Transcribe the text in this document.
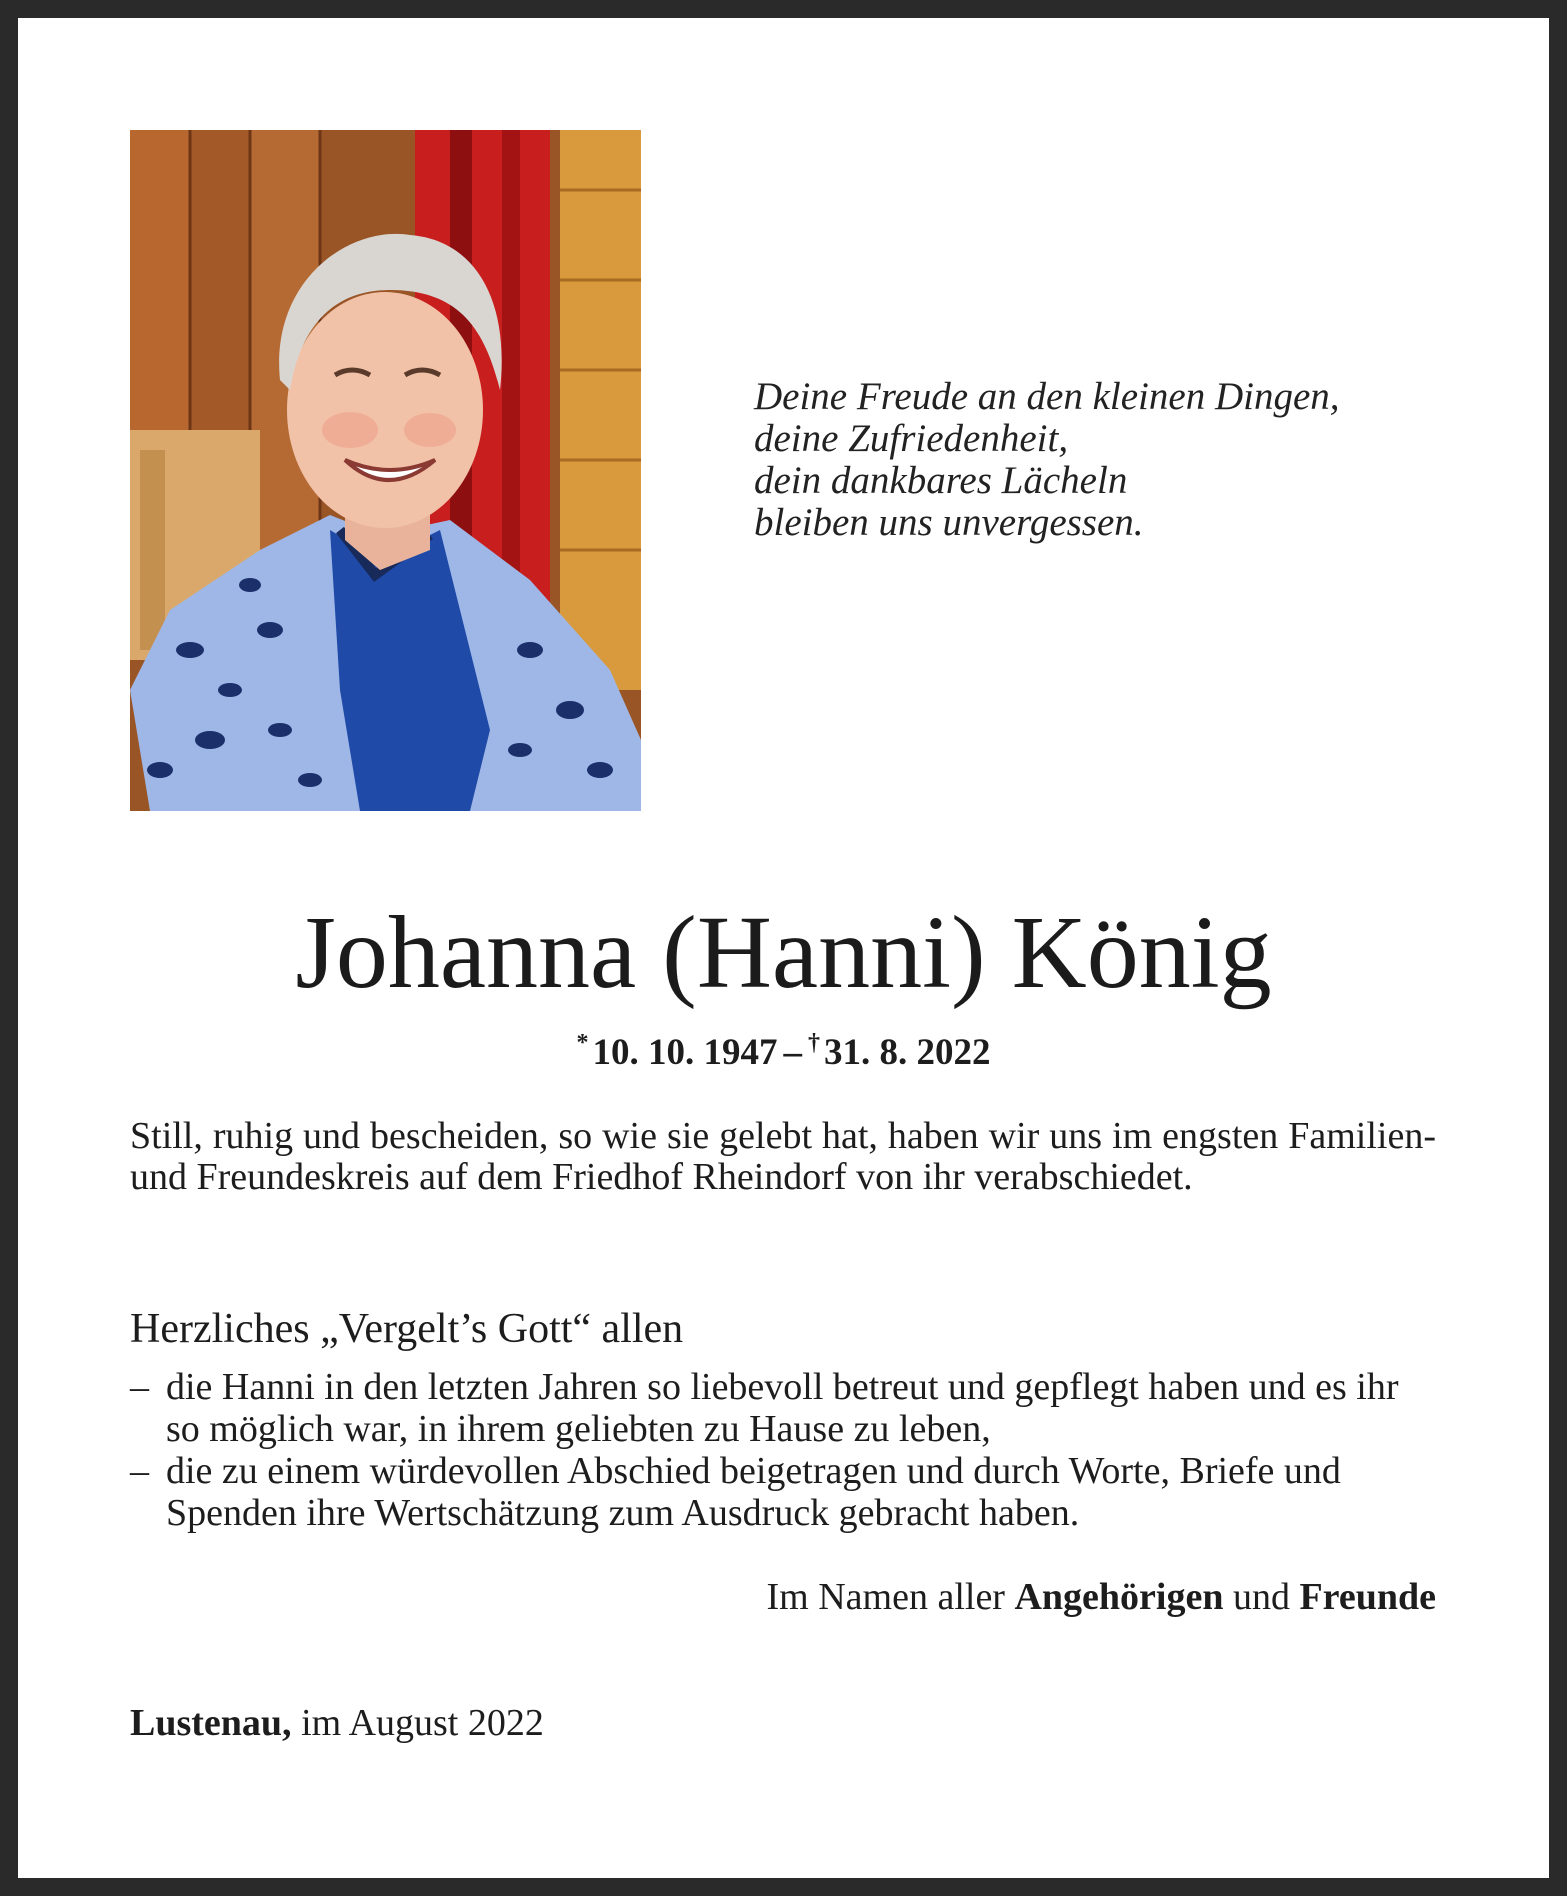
Deine Freude an den kleinen Dingen,
deine Zufriedenheit,
dein dankbares Lächeln
bleiben uns unvergessen.
Johanna (Hanni) König
* 10. 10. 1947 – † 31. 8. 2022
Still, ruhig und bescheiden, so wie sie gelebt hat, haben wir uns im engsten Familien- und Freundeskreis auf dem Friedhof Rheindorf von ihr verabschiedet.
Herzliches „Vergelt’s Gott“ allen
– die Hanni in den letzten Jahren so liebevoll betreut und gepflegt haben und es ihr so möglich war, in ihrem geliebten zu Hause zu leben,
– die zu einem würdevollen Abschied beigetragen und durch Worte, Briefe und Spenden ihre Wertschätzung zum Ausdruck gebracht haben.
Im Namen aller Angehörigen und Freunde
Lustenau, im August 2022
